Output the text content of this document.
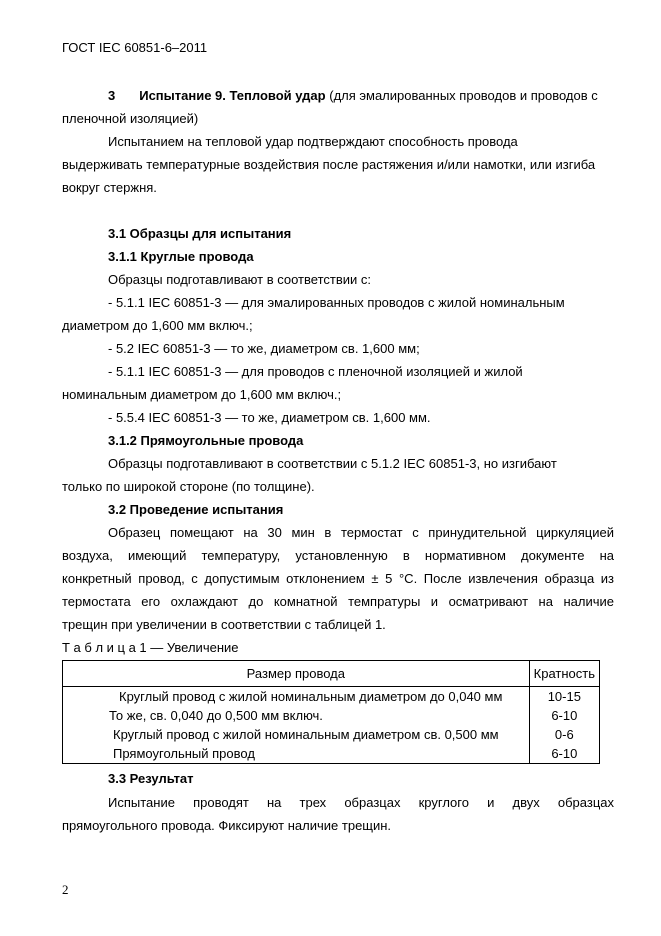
ГОСТ IEC 60851-6–2011
3 Испытание 9. Тепловой удар (для эмалированных проводов и проводов с
пленочной изоляцией)
Испытанием на тепловой удар подтверждают способность провода
выдерживать температурные воздействия после растяжения и/или намотки, или изгиба
вокруг стержня.
3.1 Образцы для испытания
3.1.1 Круглые провода
Образцы подготавливают в соответствии с:
- 5.1.1 IEC 60851-3 — для эмалированных проводов с жилой номинальным
диаметром до 1,600 мм включ.;
- 5.2 IEC 60851-3 — то же, диаметром св. 1,600 мм;
- 5.1.1 IEC 60851-3 — для проводов с пленочной изоляцией и жилой
номинальным диаметром до 1,600 мм включ.;
- 5.5.4 IEC 60851-3 — то же, диаметром св. 1,600 мм.
3.1.2 Прямоугольные провода
Образцы подготавливают в соответствии с 5.1.2 IEC 60851-3, но изгибают
только по широкой стороне (по толщине).
3.2 Проведение испытания
Образец помещают на 30 мин в термостат с принудительной циркуляцией
воздуха, имеющий температуру, установленную в нормативном документе на
конкретный провод, с допустимым отклонением ± 5 °С. После извлечения образца из
термостата его охлаждают до комнатной темпратуры и осматривают на наличие
трещин при увеличении в соответствии с таблицей 1.
Т а б л и ц а 1 — Увеличение
Размер провода	Кратность
Круглый провод с жилой номинальным диаметром до 0,040 мм	10-15
То же, св. 0,040 до 0,500 мм включ.	6-10
Круглый провод с жилой номинальным диаметром св. 0,500 мм	0-6
Прямоугольный провод	6-10
3.3 Результат
Испытание проводят на трех образцах круглого и двух образцах
прямоугольного провода. Фиксируют наличие трещин.
2
